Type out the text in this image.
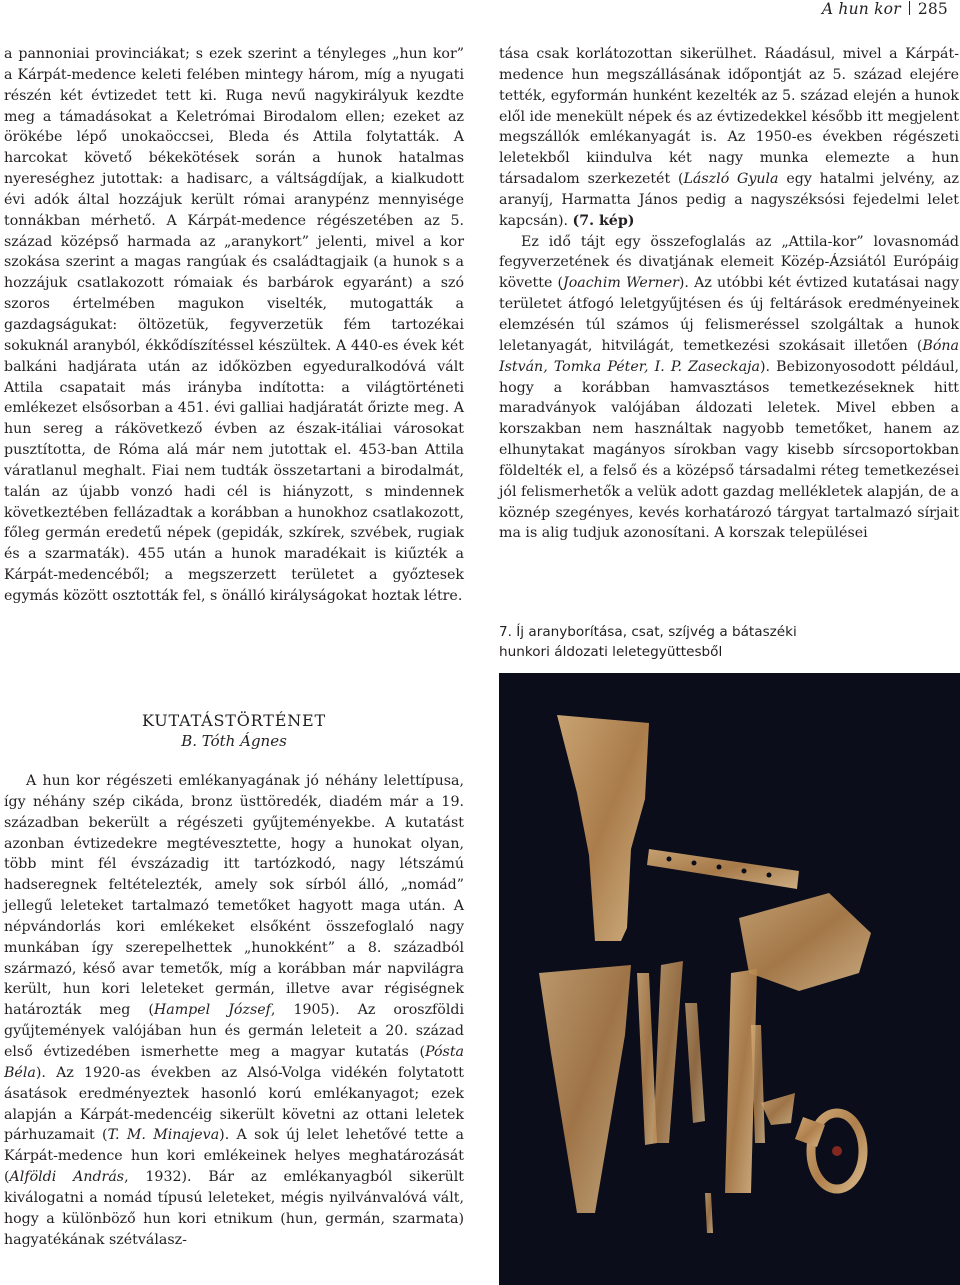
A hun kor 285

a pannoniai provinciákat; s ezek szerint a tényleges „hun kor” a Kárpát-medence keleti felében mintegy három, míg a nyugati részén két évtizedet tett ki. Ruga nevű nagykirályuk kezdte meg a támadásokat a Keletrómai Birodalom ellen; ezeket az örökébe lépő unokaöccsei, Bleda és Attila folytatták. A harcokat követő békekötések során a hunok hatalmas nyereséghez jutottak: a hadisarc, a váltságdíjak, a kialkudott évi adók által hozzájuk került római aranypénz mennyisége tonnákban mérhető. A Kárpát-medence régészetében az 5. század középső harmada az „aranykort” jelenti, mivel a kor szokása szerint a magas rangúak és családtagjaik (a hunok s a hozzájuk csatlakozott rómaiak és barbárok egyaránt) a szó szoros értelmében magukon viselték, mutogatták a gazdagságukat: öltözetük, fegyverzetük fém tartozékai sokuknál aranyból, ékkődíszítéssel készültek. A 440-es évek két balkáni hadjárata után az időközben egyeduralkodóvá vált Attila csapatait más irányba indította: a világtörténeti emlékezet elsősorban a 451. évi galliai hadjáratát őrizte meg. A hun sereg a rákövetkező évben az észak-itáliai városokat pusztította, de Róma alá már nem jutottak el. 453-ban Attila váratlanul meghalt. Fiai nem tudták összetartani a birodalmát, talán az újabb vonzó hadi cél is hiányzott, s mindennek következtében fellázadtak a korábban a hunokhoz csatlakozott, főleg germán eredetű népek (gepidák, szkírek, szvébek, rugiak és a szarmaták). 455 után a hunok maradékait is kiűzték a Kárpát-medencéből; a megszerzett területet a győztesek egymás között osztották fel, s önálló királyságokat hoztak létre.

KUTATÁSTÖRTÉNET
B. Tóth Ágnes

A hun kor régészeti emlékanyagának jó néhány lelettípusa, így néhány szép cikáda, bronz üsttöredék, diadém már a 19. században bekerült a régészeti gyűjteményekbe. A kutatást azonban évtizedekre megtévesztette, hogy a hunokat olyan, több mint fél évszázadig itt tartózkodó, nagy létszámú hadseregnek feltételezték, amely sok sírból álló, „nomád” jellegű leleteket tartalmazó temetőket hagyott maga után. A népvándorlás kori emlékeket elsőként összefoglaló nagy munkában így szerepelhettek „hunokként” a 8. századból származó, késő avar temetők, míg a korábban már napvilágra került, hun kori leleteket germán, illetve avar régiségnek határozták meg (Hampel József, 1905). Az oroszföldi gyűjtemények valójában hun és germán leleteit a 20. század első évtizedében ismerhette meg a magyar kutatás (Pósta Béla). Az 1920-as években az Alsó-Volga vidékén folytatott ásatások eredményeztek hasonló korú emlékanyagot; ezek alapján a Kárpát-medencéig sikerült követni az ottani leletek párhuzamait (T. M. Minajeva). A sok új lelet lehetővé tette a Kárpát-medence hun kori emlékeinek helyes meghatározását (Alföldi András, 1932). Bár az emlékanyagból sikerült kiválogatni a nomád típusú leleteket, mégis nyilvánvalóvá vált, hogy a különböző hun kori etnikum (hun, germán, szarmata) hagyatékának szétválasz-

tása csak korlátozottan sikerülhet. Ráadásul, mivel a Kárpát-medence hun megszállásának időpontját az 5. század elejére tették, egyformán hunként kezelték az 5. század elején a hunok elől ide menekült népek és az évtizedekkel később itt megjelent megszállók emlékanyagát is. Az 1950-es években régészeti leletekből kiindulva két nagy munka elemezte a hun társadalom szerkezetét (László Gyula egy hatalmi jelvény, az aranyíj, Harmatta János pedig a nagyszéksósi fejedelmi lelet kapcsán). (7. kép)

Ez idő tájt egy összefoglalás az „Attila-kor” lovasnomád fegyverzetének és divatjának elemeit Közép-Ázsiától Európáig követte (Joachim Werner). Az utóbbi két évtized kutatásai nagy területet átfogó leletgyűjtésen és új feltárások eredményeinek elemzésén túl számos új felismeréssel szolgáltak a hunok leletanyagát, hitvilágát, temetkezési szokásait illetően (Bóna István, Tomka Péter, I. P. Zaseckaja). Bebizonyosodott például, hogy a korábban hamvasztásos temetkezéseknek hitt maradványok valójában áldozati leletek. Mivel ebben a korszakban nem használtak nagyobb temetőket, hanem az elhunytakat magányos sírokban vagy kisebb sírcsoportokban földelték el, a felső és a középső társadalmi réteg temetkezései jól felismerhetők a velük adott gazdag mellékletek alapján, de a köznép szegényes, kevés korhatározó tárgyat tartalmazó sírjait ma is alig tudjuk azonosítani. A korszak települései

7. Íj aranyborítása, csat, szíjvég a bátaszéki
hunkori áldozati leletegyüttesből
